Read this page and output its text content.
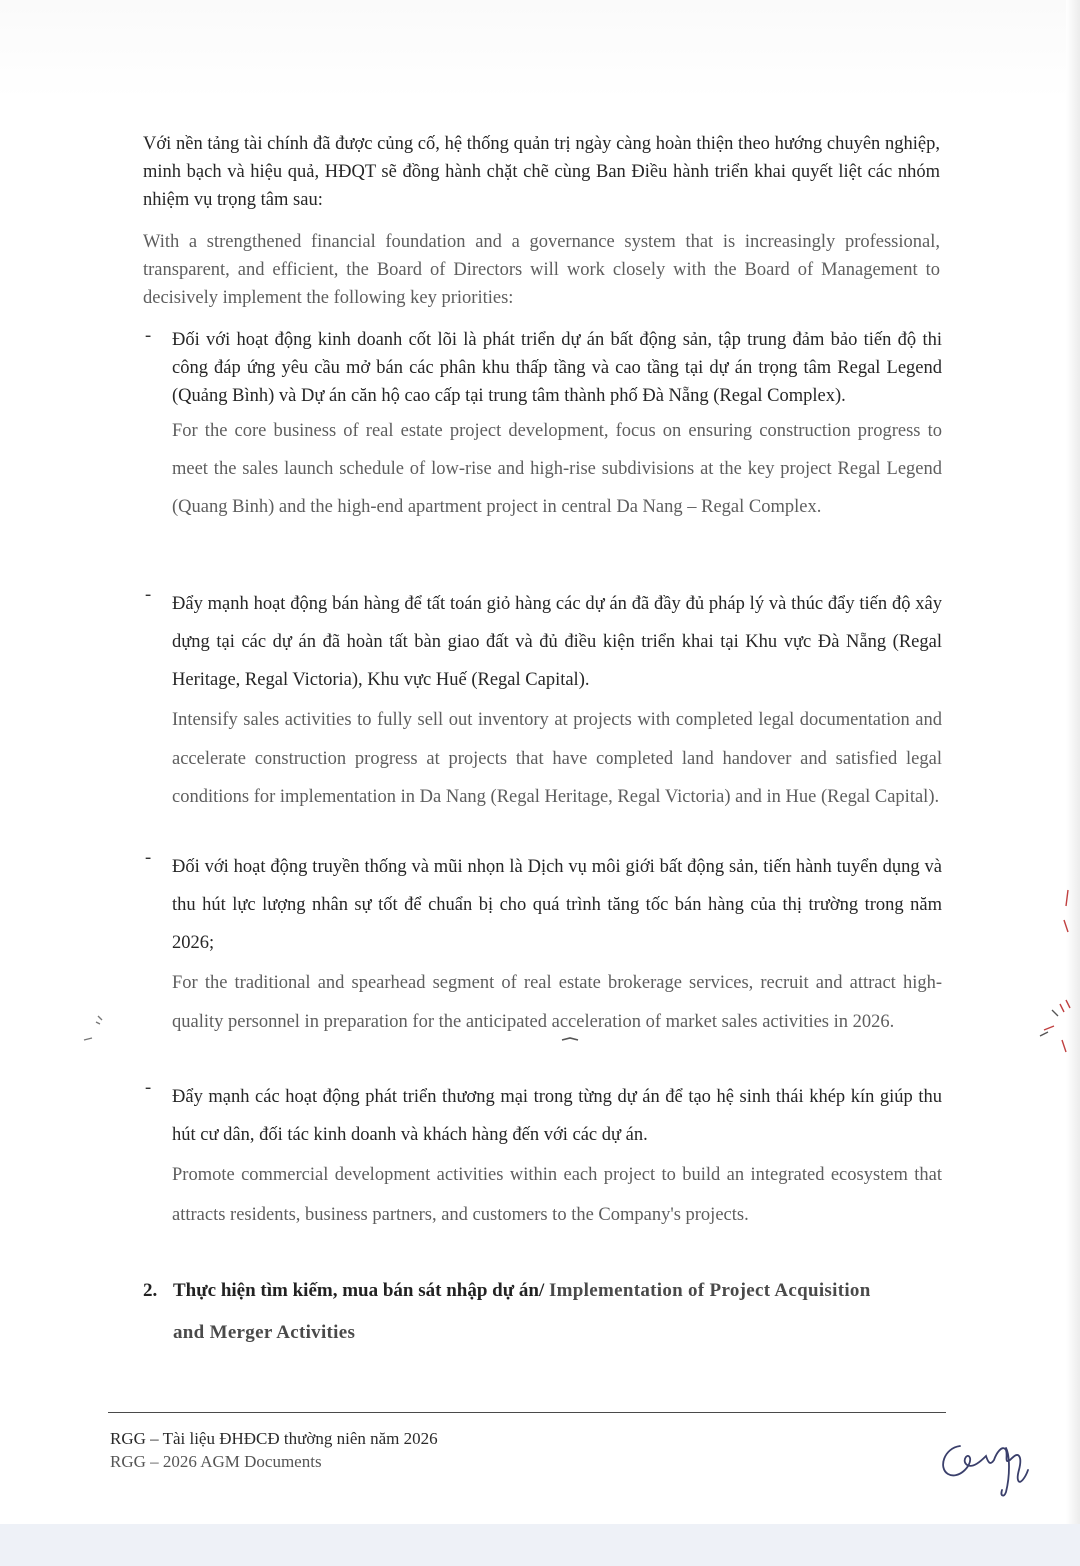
Với nền tảng tài chính đã được củng cố, hệ thống quản trị ngày càng hoàn thiện theo hướng chuyên nghiệp, minh bạch và hiệu quả, HĐQT sẽ đồng hành chặt chẽ cùng Ban Điều hành triển khai quyết liệt các nhóm nhiệm vụ trọng tâm sau:

With a strengthened financial foundation and a governance system that is increasingly professional, transparent, and efficient, the Board of Directors will work closely with the Board of Management to decisively implement the following key priorities:

- Đối với hoạt động kinh doanh cốt lõi là phát triển dự án bất động sản, tập trung đảm bảo tiến độ thi công đáp ứng yêu cầu mở bán các phân khu thấp tầng và cao tầng tại dự án trọng tâm Regal Legend (Quảng Bình) và Dự án căn hộ cao cấp tại trung tâm thành phố Đà Nẵng (Regal Complex).
For the core business of real estate project development, focus on ensuring construction progress to meet the sales launch schedule of low-rise and high-rise subdivisions at the key project Regal Legend (Quang Binh) and the high-end apartment project in central Da Nang – Regal Complex.
- Đẩy mạnh hoạt động bán hàng để tất toán giỏ hàng các dự án đã đầy đủ pháp lý và thúc đẩy tiến độ xây dựng tại các dự án đã hoàn tất bàn giao đất và đủ điều kiện triển khai tại Khu vực Đà Nẵng (Regal Heritage, Regal Victoria), Khu vực Huế (Regal Capital).
Intensify sales activities to fully sell out inventory at projects with completed legal documentation and accelerate construction progress at projects that have completed land handover and satisfied legal conditions for implementation in Da Nang (Regal Heritage, Regal Victoria) and in Hue (Regal Capital).
- Đối với hoạt động truyền thống và mũi nhọn là Dịch vụ môi giới bất động sản, tiến hành tuyển dụng và thu hút lực lượng nhân sự tốt để chuẩn bị cho quá trình tăng tốc bán hàng của thị trường trong năm 2026;
For the traditional and spearhead segment of real estate brokerage services, recruit and attract high-quality personnel in preparation for the anticipated acceleration of market sales activities in 2026.
- Đẩy mạnh các hoạt động phát triển thương mại trong từng dự án để tạo hệ sinh thái khép kín giúp thu hút cư dân, đối tác kinh doanh và khách hàng đến với các dự án.
Promote commercial development activities within each project to build an integrated ecosystem that attracts residents, business partners, and customers to the Company's projects.
2. Thực hiện tìm kiếm, mua bán sát nhập dự án/ Implementation of Project Acquisition
and Merger Activities
RGG – Tài liệu ĐHĐCĐ thường niên năm 2026
RGG – 2026 AGM Documents
